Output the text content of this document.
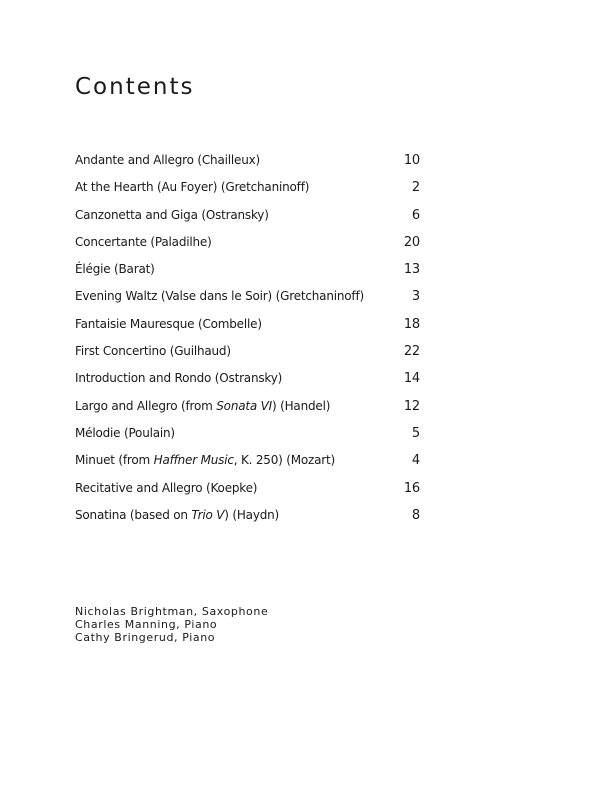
Contents
Andante and Allegro (Chailleux)	10
At the Hearth (Au Foyer) (Gretchaninoff)	2
Canzonetta and Giga (Ostransky)	6
Concertante (Paladilhe)	20
Élégie (Barat)	13
Evening Waltz (Valse dans le Soir) (Gretchaninoff)	3
Fantaisie Mauresque (Combelle)	18
First Concertino (Guilhaud)	22
Introduction and Rondo (Ostransky)	14
Largo and Allegro (from Sonata VI) (Handel)	12
Mélodie (Poulain)	5
Minuet (from Haffner Music, K. 250) (Mozart)	4
Recitative and Allegro (Koepke)	16
Sonatina (based on Trio V) (Haydn)	8
Nicholas Brightman, Saxophone
Charles Manning, Piano
Cathy Bringerud, Piano
